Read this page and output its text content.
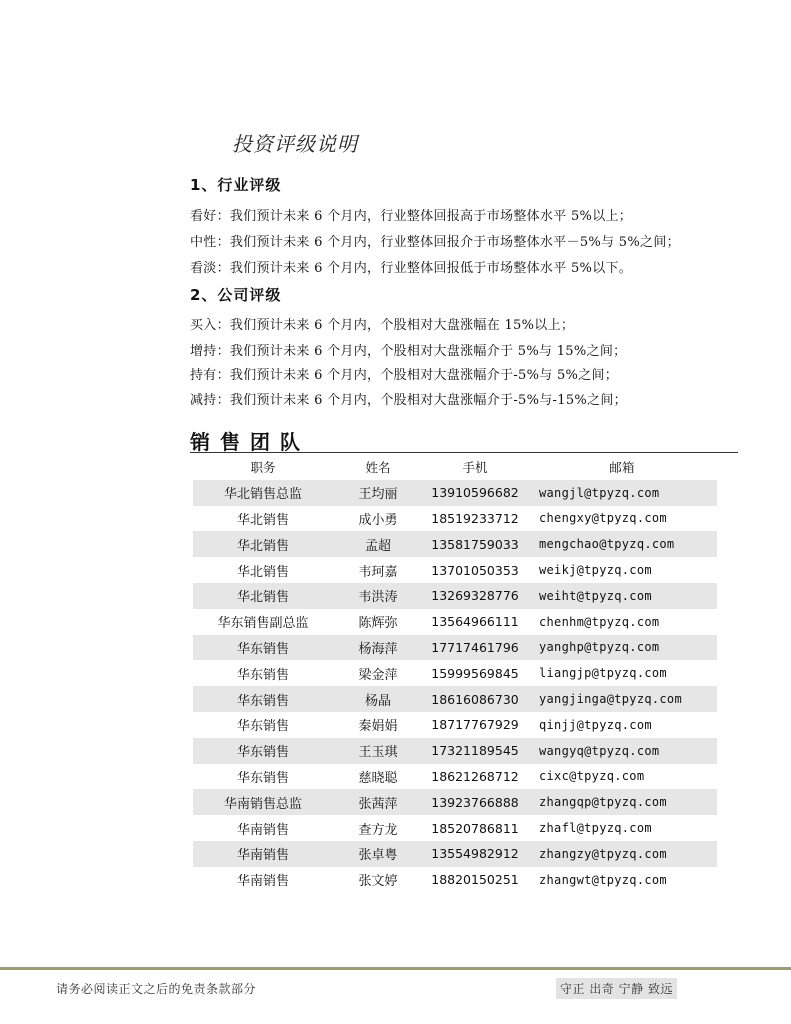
投资评级说明
1、行业评级
看好：我们预计未来 6 个月内，行业整体回报高于市场整体水平 5%以上；
中性：我们预计未来 6 个月内，行业整体回报介于市场整体水平－5%与 5%之间；
看淡：我们预计未来 6 个月内，行业整体回报低于市场整体水平 5%以下。
2、公司评级
买入：我们预计未来 6 个月内，个股相对大盘涨幅在 15%以上；
增持：我们预计未来 6 个月内，个股相对大盘涨幅介于 5%与 15%之间；
持有：我们预计未来 6 个月内，个股相对大盘涨幅介于-5%与 5%之间；
减持：我们预计未来 6 个月内，个股相对大盘涨幅介于-5%与-15%之间；
销售团队
职务	姓名	手机	邮箱
华北销售总监	王均丽	13910596682	wangjl@tpyzq.com
华北销售	成小勇	18519233712	chengxy@tpyzq.com
华北销售	孟超	13581759033	mengchao@tpyzq.com
华北销售	韦珂嘉	13701050353	weikj@tpyzq.com
华北销售	韦洪涛	13269328776	weiht@tpyzq.com
华东销售副总监	陈辉弥	13564966111	chenhm@tpyzq.com
华东销售	杨海萍	17717461796	yanghp@tpyzq.com
华东销售	梁金萍	15999569845	liangjp@tpyzq.com
华东销售	杨晶	18616086730	yangjinga@tpyzq.com
华东销售	秦娟娟	18717767929	qinjj@tpyzq.com
华东销售	王玉琪	17321189545	wangyq@tpyzq.com
华东销售	慈晓聪	18621268712	cixc@tpyzq.com
华南销售总监	张茜萍	13923766888	zhangqp@tpyzq.com
华南销售	查方龙	18520786811	zhafl@tpyzq.com
华南销售	张卓粤	13554982912	zhangzy@tpyzq.com
华南销售	张文婷	18820150251	zhangwt@tpyzq.com
请务必阅读正文之后的免责条款部分	守正 出奇 宁静 致远
